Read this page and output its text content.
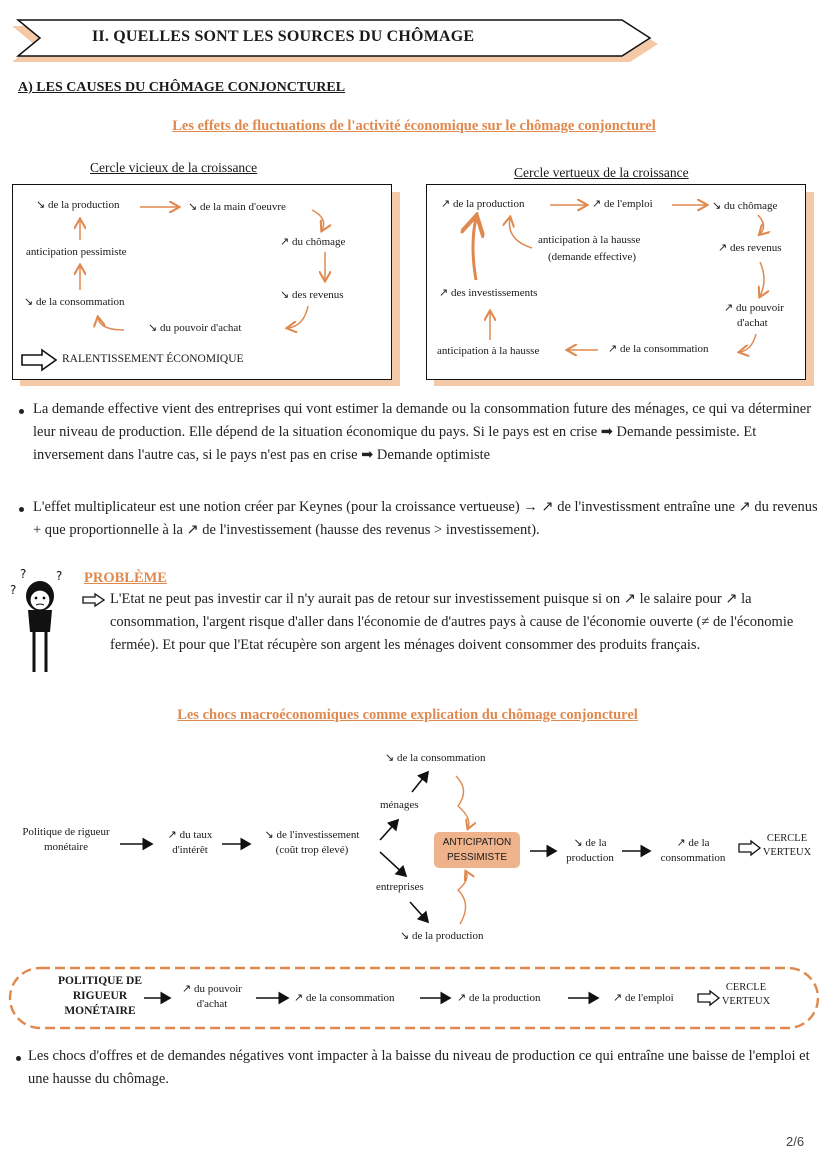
II. QUELLES SONT LES SOURCES DU CHÔMAGE
A) LES CAUSES DU CHÔMAGE CONJONCTUREL
Les effets de fluctuations de l'activité économique sur le chômage conjoncturel
Cercle vicieux de la croissance
↘ de la production	↘ de la main d'oeuvre
↗ du chômage
↘ des revenus
↘ du pouvoir d'achat
↘ de la consommation
anticipation pessimiste
RALENTISSEMENT ÉCONOMIQUE
Cercle vertueux de la croissance
↗ de la production	↗ de l'emploi	↘ du chômage
↗ des revenus
↗ du pouvoir
d'achat
↗ de la consommation
anticipation à la hausse
↗ des investissements
anticipation à la hausse
(demande effective)
La demande effective vient des entreprises qui vont estimer la demande ou la consommation future des ménages, ce qui va déterminer leur niveau de production. Elle dépend de la situation économique du pays. Si le pays est en crise ➡ Demande pessimiste. Et inversement dans l'autre cas, si le pays n'est pas en crise ➡ Demande optimiste
L'effet multiplicateur est une notion créer par Keynes (pour la croissance vertueuse) → ↗ de l'investissment entraîne une ↗ du revenus + que proportionnelle à la ↗ de l'investissement (hausse des revenus > investissement).
? ?
?
PROBLÈME
L'Etat ne peut pas investir car il n'y aurait pas de retour sur investissement puisque si on ↗ le salaire pour ↗ la consommation, l'argent risque d'aller dans l'économie de d'autres pays à cause de l'économie ouverte (≠ de l'économie fermée). Et pour que l'Etat récupère son argent les ménages doivent consommer des produits français.
Les chocs macroéconomiques comme explication du chômage conjoncturel
Politique de rigueur
monétaire
↗ du taux
d'intérêt
↘ de l'investissement
(coût trop élevé)
ménages
entreprises
↘ de la consommation
↘ de la production
ANTICIPATION
PESSIMISTE
↘ de la
production
↗ de la
consommation
CERCLE
VERTEUX
POLITIQUE DE
RIGUEUR
MONÉTAIRE
↗ du pouvoir
d'achat	↗ de la consommation	↗ de la production	↗ de l'emploi
CERCLE
VERTEUX
Les chocs d'offres et de demandes négatives vont impacter à la baisse du niveau de production ce qui entraîne une baisse de l'emploi et une hausse du chômage.
2/6
